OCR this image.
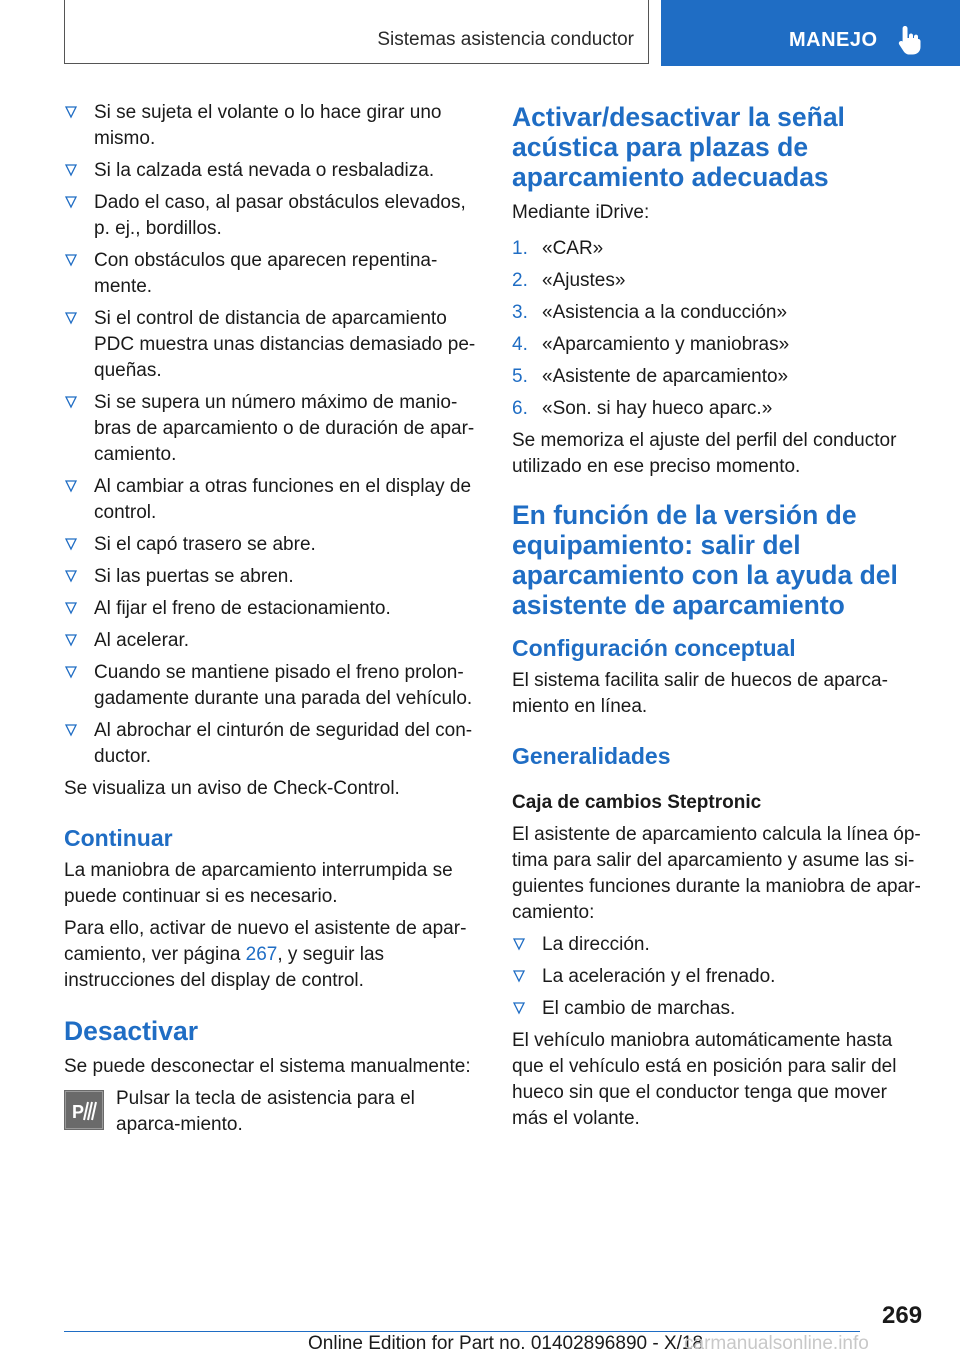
Sistemas asistencia conductor	MANEJO
Si se sujeta el volante o lo hace girar uno mismo.
Si la calzada está nevada o resbaladiza.
Dado el caso, al pasar obstáculos elevados, p. ej., bordillos.
Con obstáculos que aparecen repentina‐mente.
Si el control de distancia de aparcamiento PDC muestra unas distancias demasiado pe‐queñas.
Si se supera un número máximo de manio‐bras de aparcamiento o de duración de apar‐camiento.
Al cambiar a otras funciones en el display de control.
Si el capó trasero se abre.
Si las puertas se abren.
Al fijar el freno de estacionamiento.
Al acelerar.
Cuando se mantiene pisado el freno prolon‐gadamente durante una parada del vehículo.
Al abrochar el cinturón de seguridad del con‐ductor.

Se visualiza un aviso de Check-Control.

Continuar

La maniobra de aparcamiento interrumpida se puede continuar si es necesario.

Para ello, activar de nuevo el asistente de apar‐camiento, ver página 267, y seguir las instrucciones del display de control.

Desactivar

Se puede desconectar el sistema manualmente:

P

Pulsar la tecla de asistencia para el aparca‐miento.

Activar/desactivar la señal acústica para plazas de aparcamiento adecuadas

Mediante iDrive:

1. «CAR»
2. «Ajustes»
3. «Asistencia a la conducción»
4. «Aparcamiento y maniobras»
5. «Asistente de aparcamiento»
6. «Son. si hay hueco aparc.»

Se memoriza el ajuste del perfil del conductor utilizado en ese preciso momento.

En función de la versión de equipamiento: salir del aparcamiento con la ayuda del asistente de aparcamiento
Configuración conceptual

El sistema facilita salir de huecos de aparca‐miento en línea.

Generalidades
Caja de cambios Steptronic

El asistente de aparcamiento calcula la línea óp‐tima para salir del aparcamiento y asume las si‐guientes funciones durante la maniobra de apar‐camiento:

La dirección.
La aceleración y el frenado.
El cambio de marchas.

El vehículo maniobra automáticamente hasta que el vehículo está en posición para salir del hueco sin que el conductor tenga que mover más el volante.

269
Online Edition for Part no. 01402896890 - X/18
carmanualsonline.info
